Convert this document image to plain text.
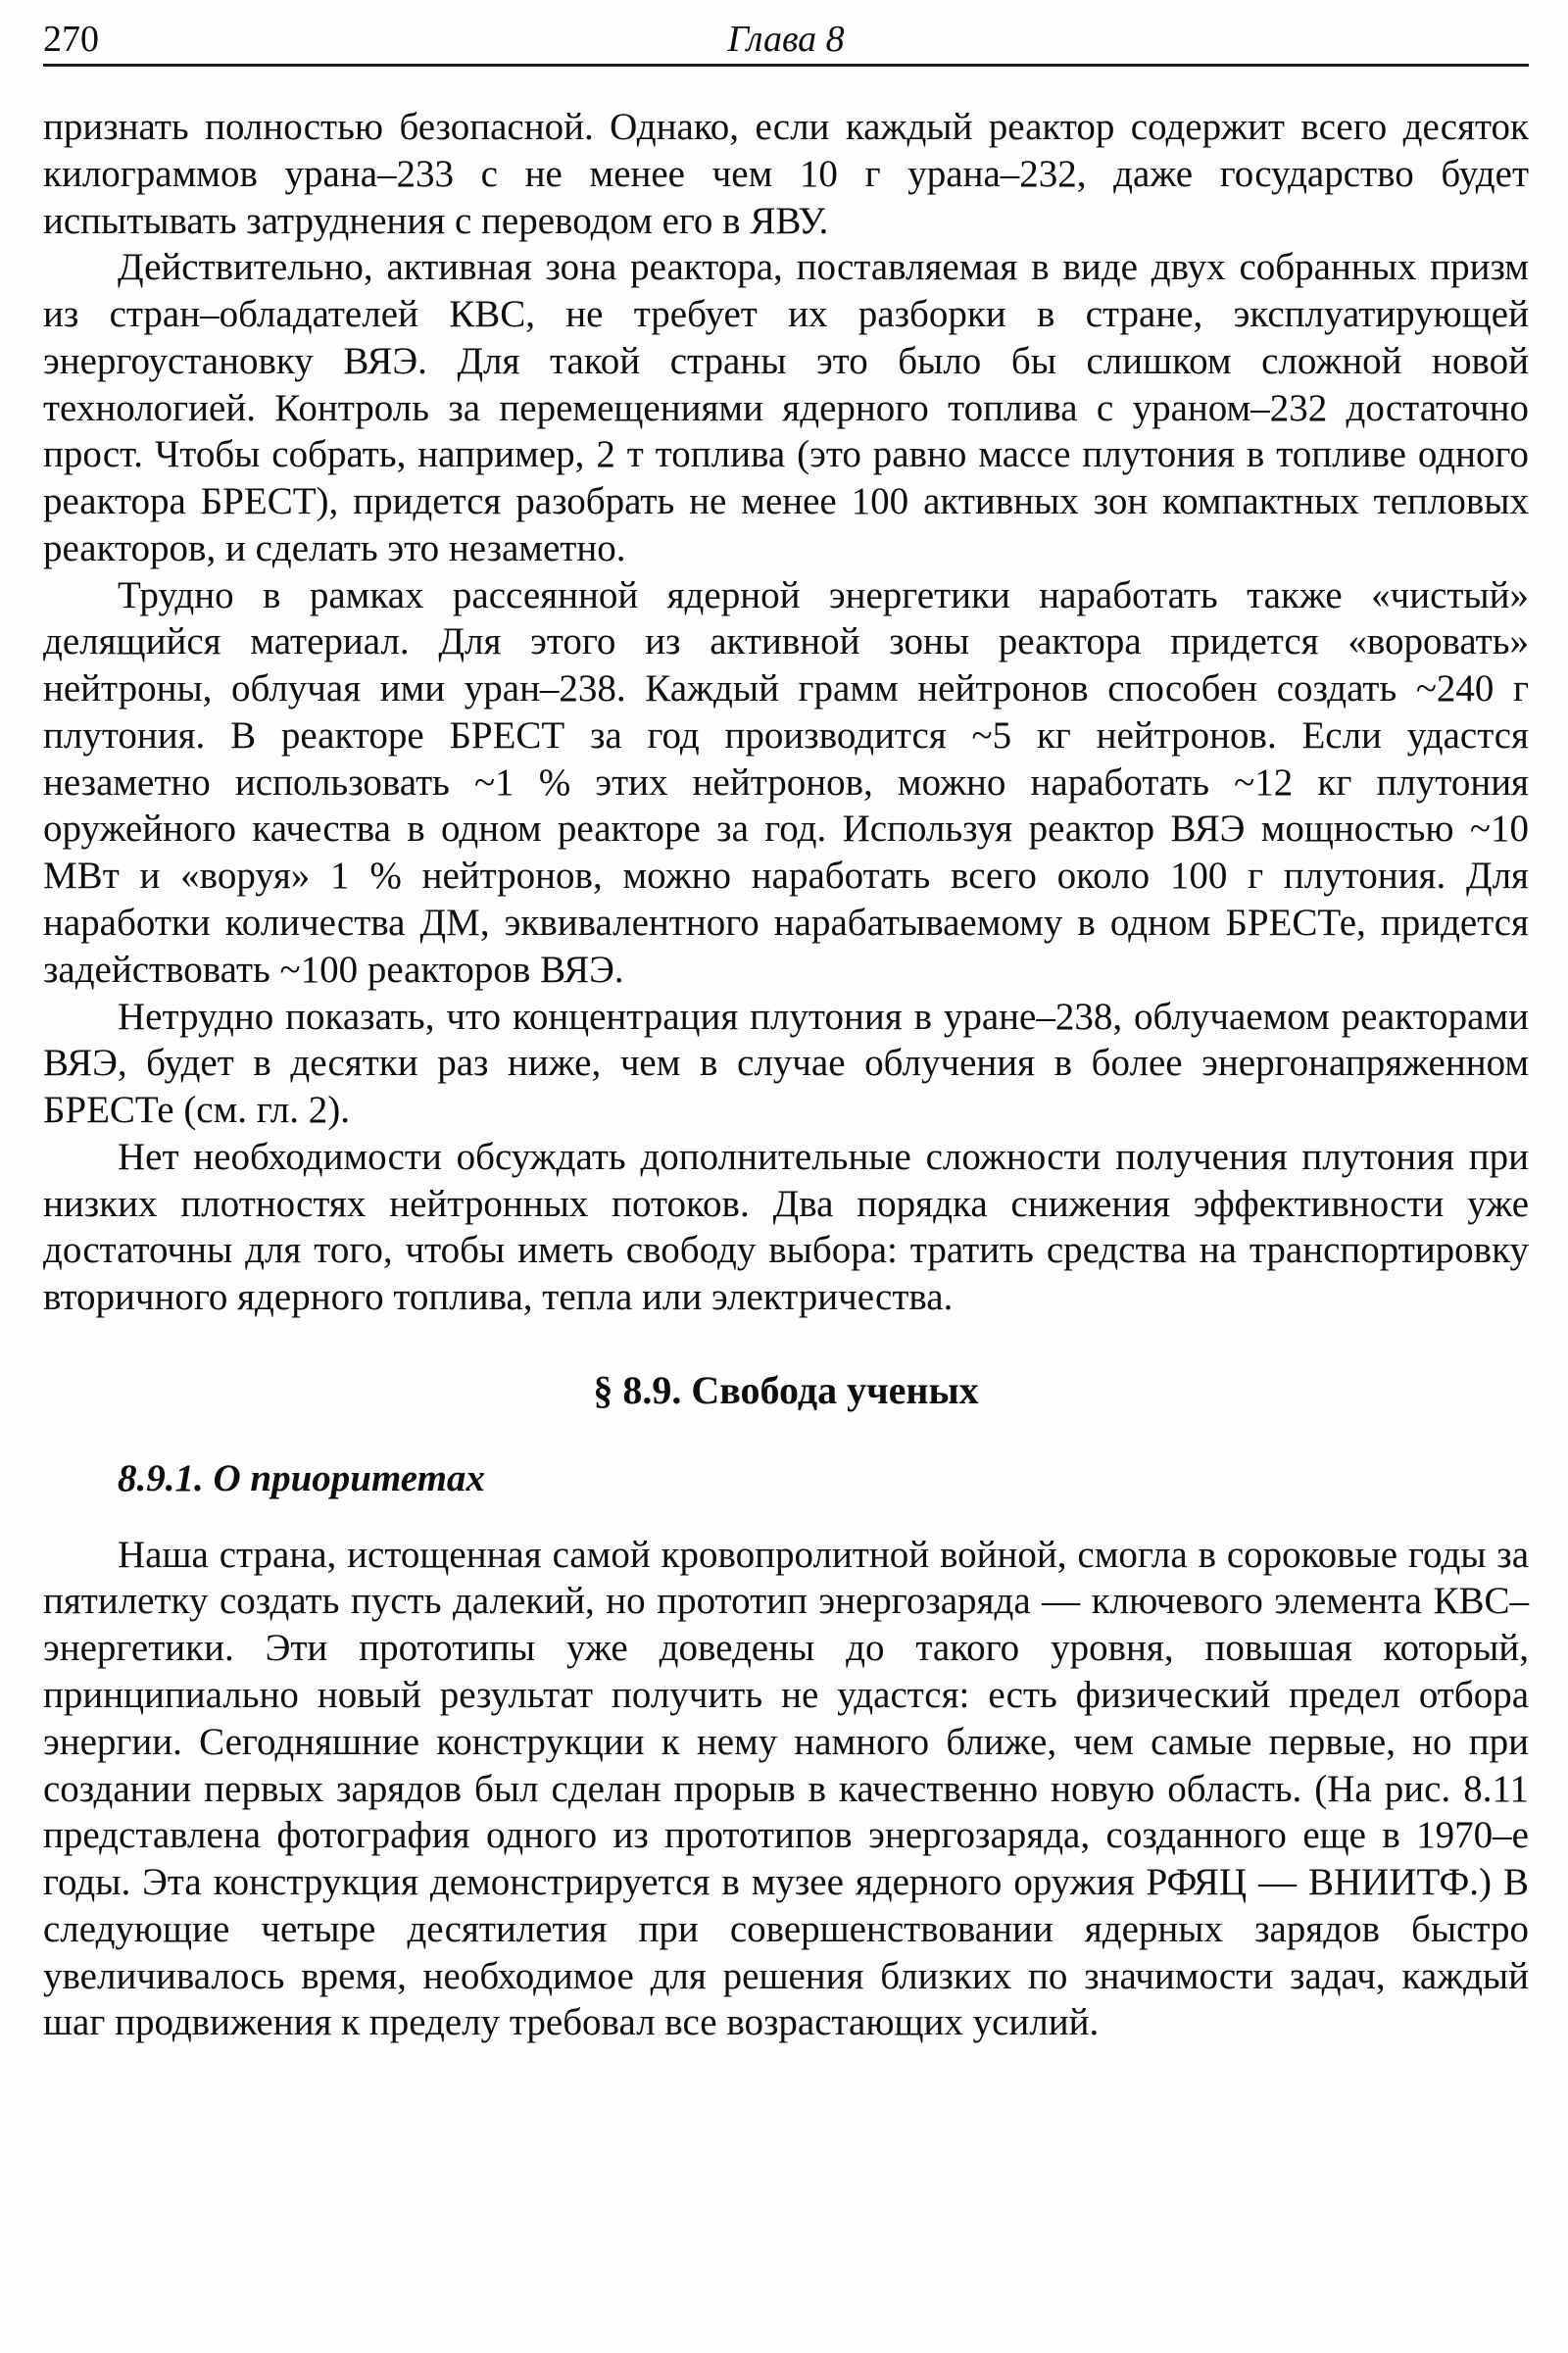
270	Глава 8

признать полностью безопасной. Однако, если каждый реактор содержит всего десяток килограммов урана–233 с не менее чем 10 г урана–232, даже государство будет испытывать затруднения с переводом его в ЯВУ.

Действительно, активная зона реактора, поставляемая в виде двух собранных призм из стран–обладателей КВС, не требует их разборки в стране, эксплуатирующей энергоустановку ВЯЭ. Для такой страны это было бы слишком сложной новой технологией. Контроль за перемещениями ядерного топлива с ураном–232 достаточно прост. Чтобы собрать, например, 2 т топлива (это равно массе плутония в топливе одного реактора БРЕСТ), придется разобрать не менее 100 активных зон компактных тепловых реакторов, и сделать это незаметно.

Трудно в рамках рассеянной ядерной энергетики наработать также «чистый» делящийся материал. Для этого из активной зоны реактора придется «воровать» нейтроны, облучая ими уран–238. Каждый грамм нейтронов способен создать ~240 г плутония. В реакторе БРЕСТ за год производится ~5 кг нейтронов. Если удастся незаметно использовать ~1 % этих нейтронов, можно наработать ~12 кг плутония оружейного качества в одном реакторе за год. Используя реактор ВЯЭ мощностью ~10 МВт и «воруя» 1 % нейтронов, можно наработать всего около 100 г плутония. Для наработки количества ДМ, эквивалентного нарабатываемому в одном БРЕСТе, придется задействовать ~100 реакторов ВЯЭ.

Нетрудно показать, что концентрация плутония в уране–238, облучаемом реакторами ВЯЭ, будет в десятки раз ниже, чем в случае облучения в более энергонапряженном БРЕСТе (см. гл. 2).

Нет необходимости обсуждать дополнительные сложности получения плутония при низких плотностях нейтронных потоков. Два порядка снижения эффективности уже достаточны для того, чтобы иметь свободу выбора: тратить средства на транспортировку вторичного ядерного топлива, тепла или электричества.

§ 8.9. Свобода ученых
8.9.1. О приоритетах

Наша страна, истощенная самой кровопролитной войной, смогла в сороковые годы за пятилетку создать пусть далекий, но прототип энергозаряда — ключевого элемента КВС–энергетики. Эти прототипы уже доведены до такого уровня, повышая который, принципиально новый результат получить не удастся: есть физический предел отбора энергии. Сегодняшние конструкции к нему намного ближе, чем самые первые, но при создании первых зарядов был сделан прорыв в качественно новую область. (На рис. 8.11 представлена фотография одного из прототипов энергозаряда, созданного еще в 1970–е годы. Эта конструкция демонстрируется в музее ядерного оружия РФЯЦ — ВНИИТФ.) В следующие четыре десятилетия при совершенствовании ядерных зарядов быстро увеличивалось время, необходимое для решения близких по значимости задач, каждый шаг продвижения к пределу требовал все возрастающих усилий.
